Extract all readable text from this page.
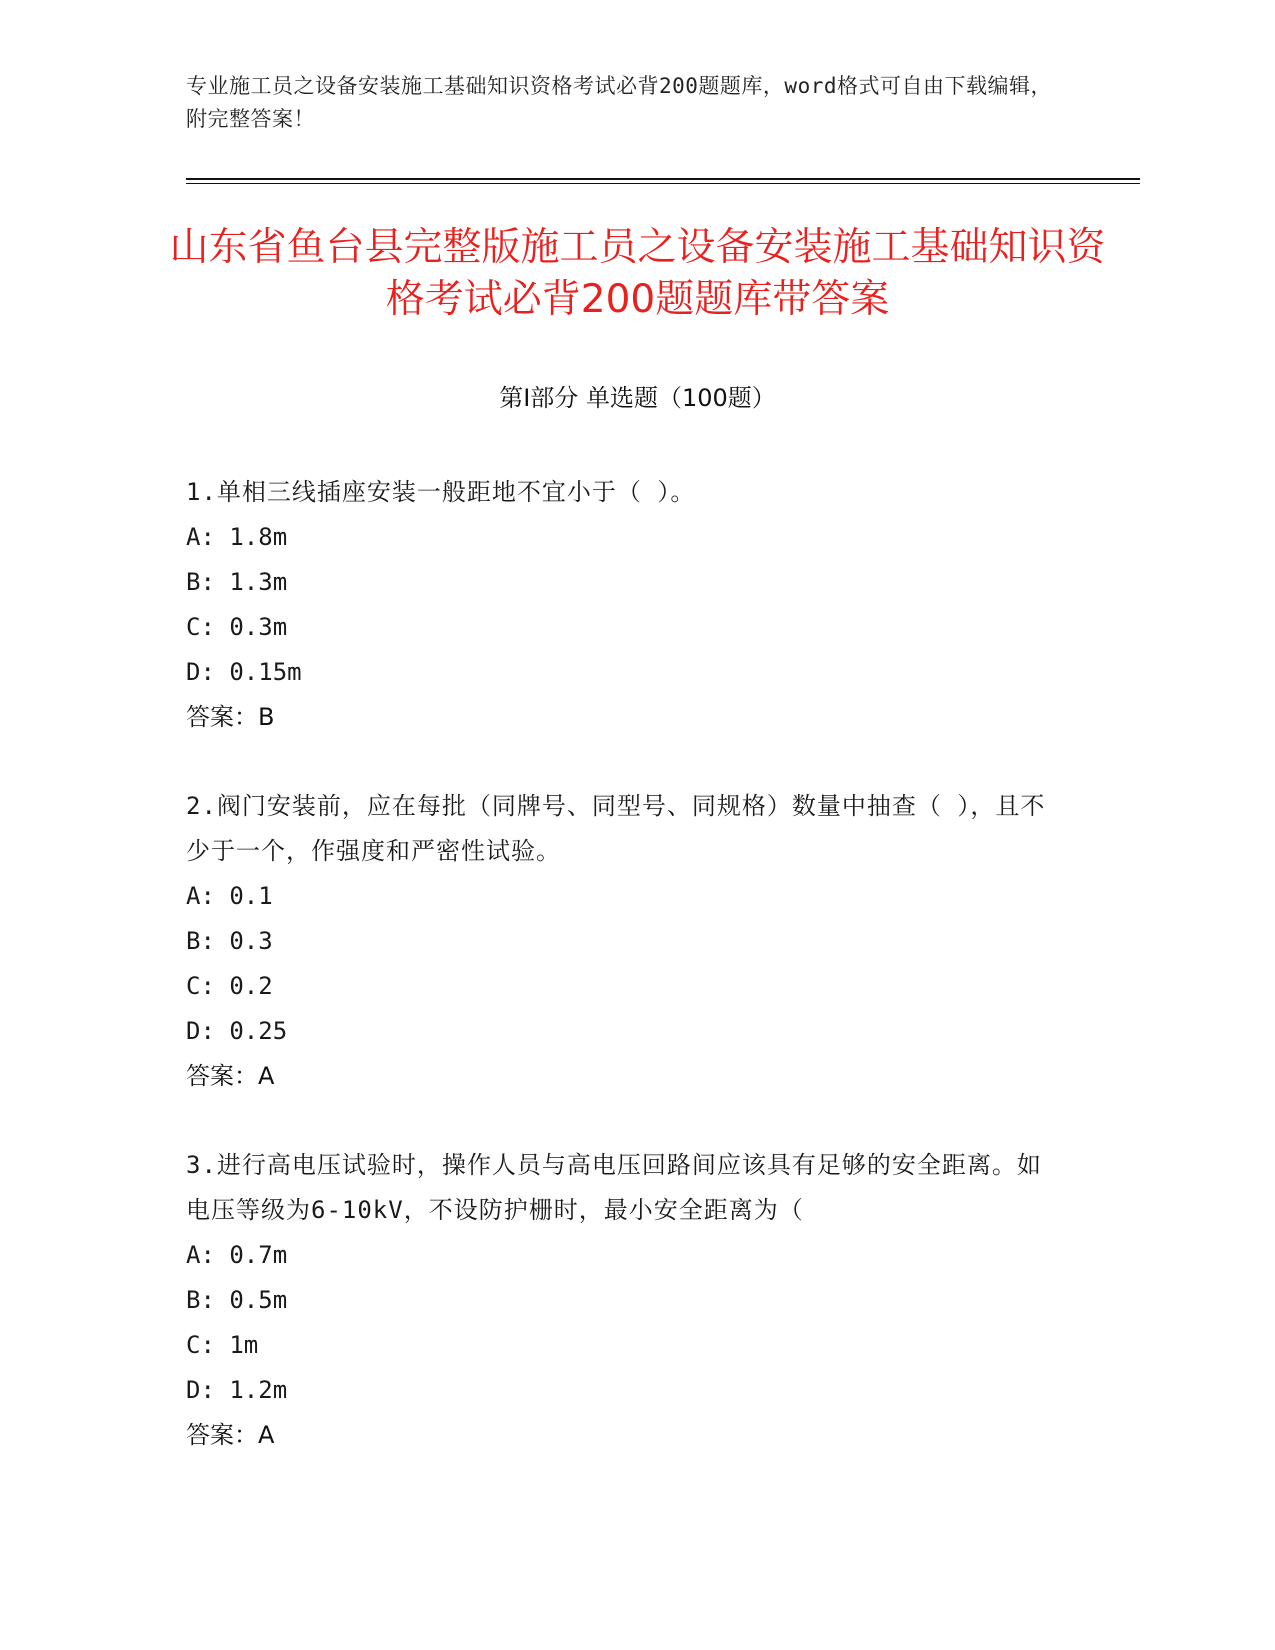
专业施工员之设备安装施工基础知识资格考试必背200题题库，word格式可自由下载编辑，附完整答案！
山东省鱼台县完整版施工员之设备安装施工基础知识资格考试必背200题题库带答案
第Ⅰ部分 单选题（100题）
1.单相三线插座安装一般距地不宜小于（ ）。
A: 1.8m
B: 1.3m
C: 0.3m
D: 0.15m
答案：B
2.阀门安装前，应在每批（同牌号、同型号、同规格）数量中抽查（ ），且不少于一个，作强度和严密性试验。
A: 0.1
B: 0.3
C: 0.2
D: 0.25
答案：A
3.进行高电压试验时，操作人员与高电压回路间应该具有足够的安全距离。如电压等级为6-10kV，不设防护栅时，最小安全距离为（
A: 0.7m
B: 0.5m
C: 1m
D: 1.2m
答案：A
